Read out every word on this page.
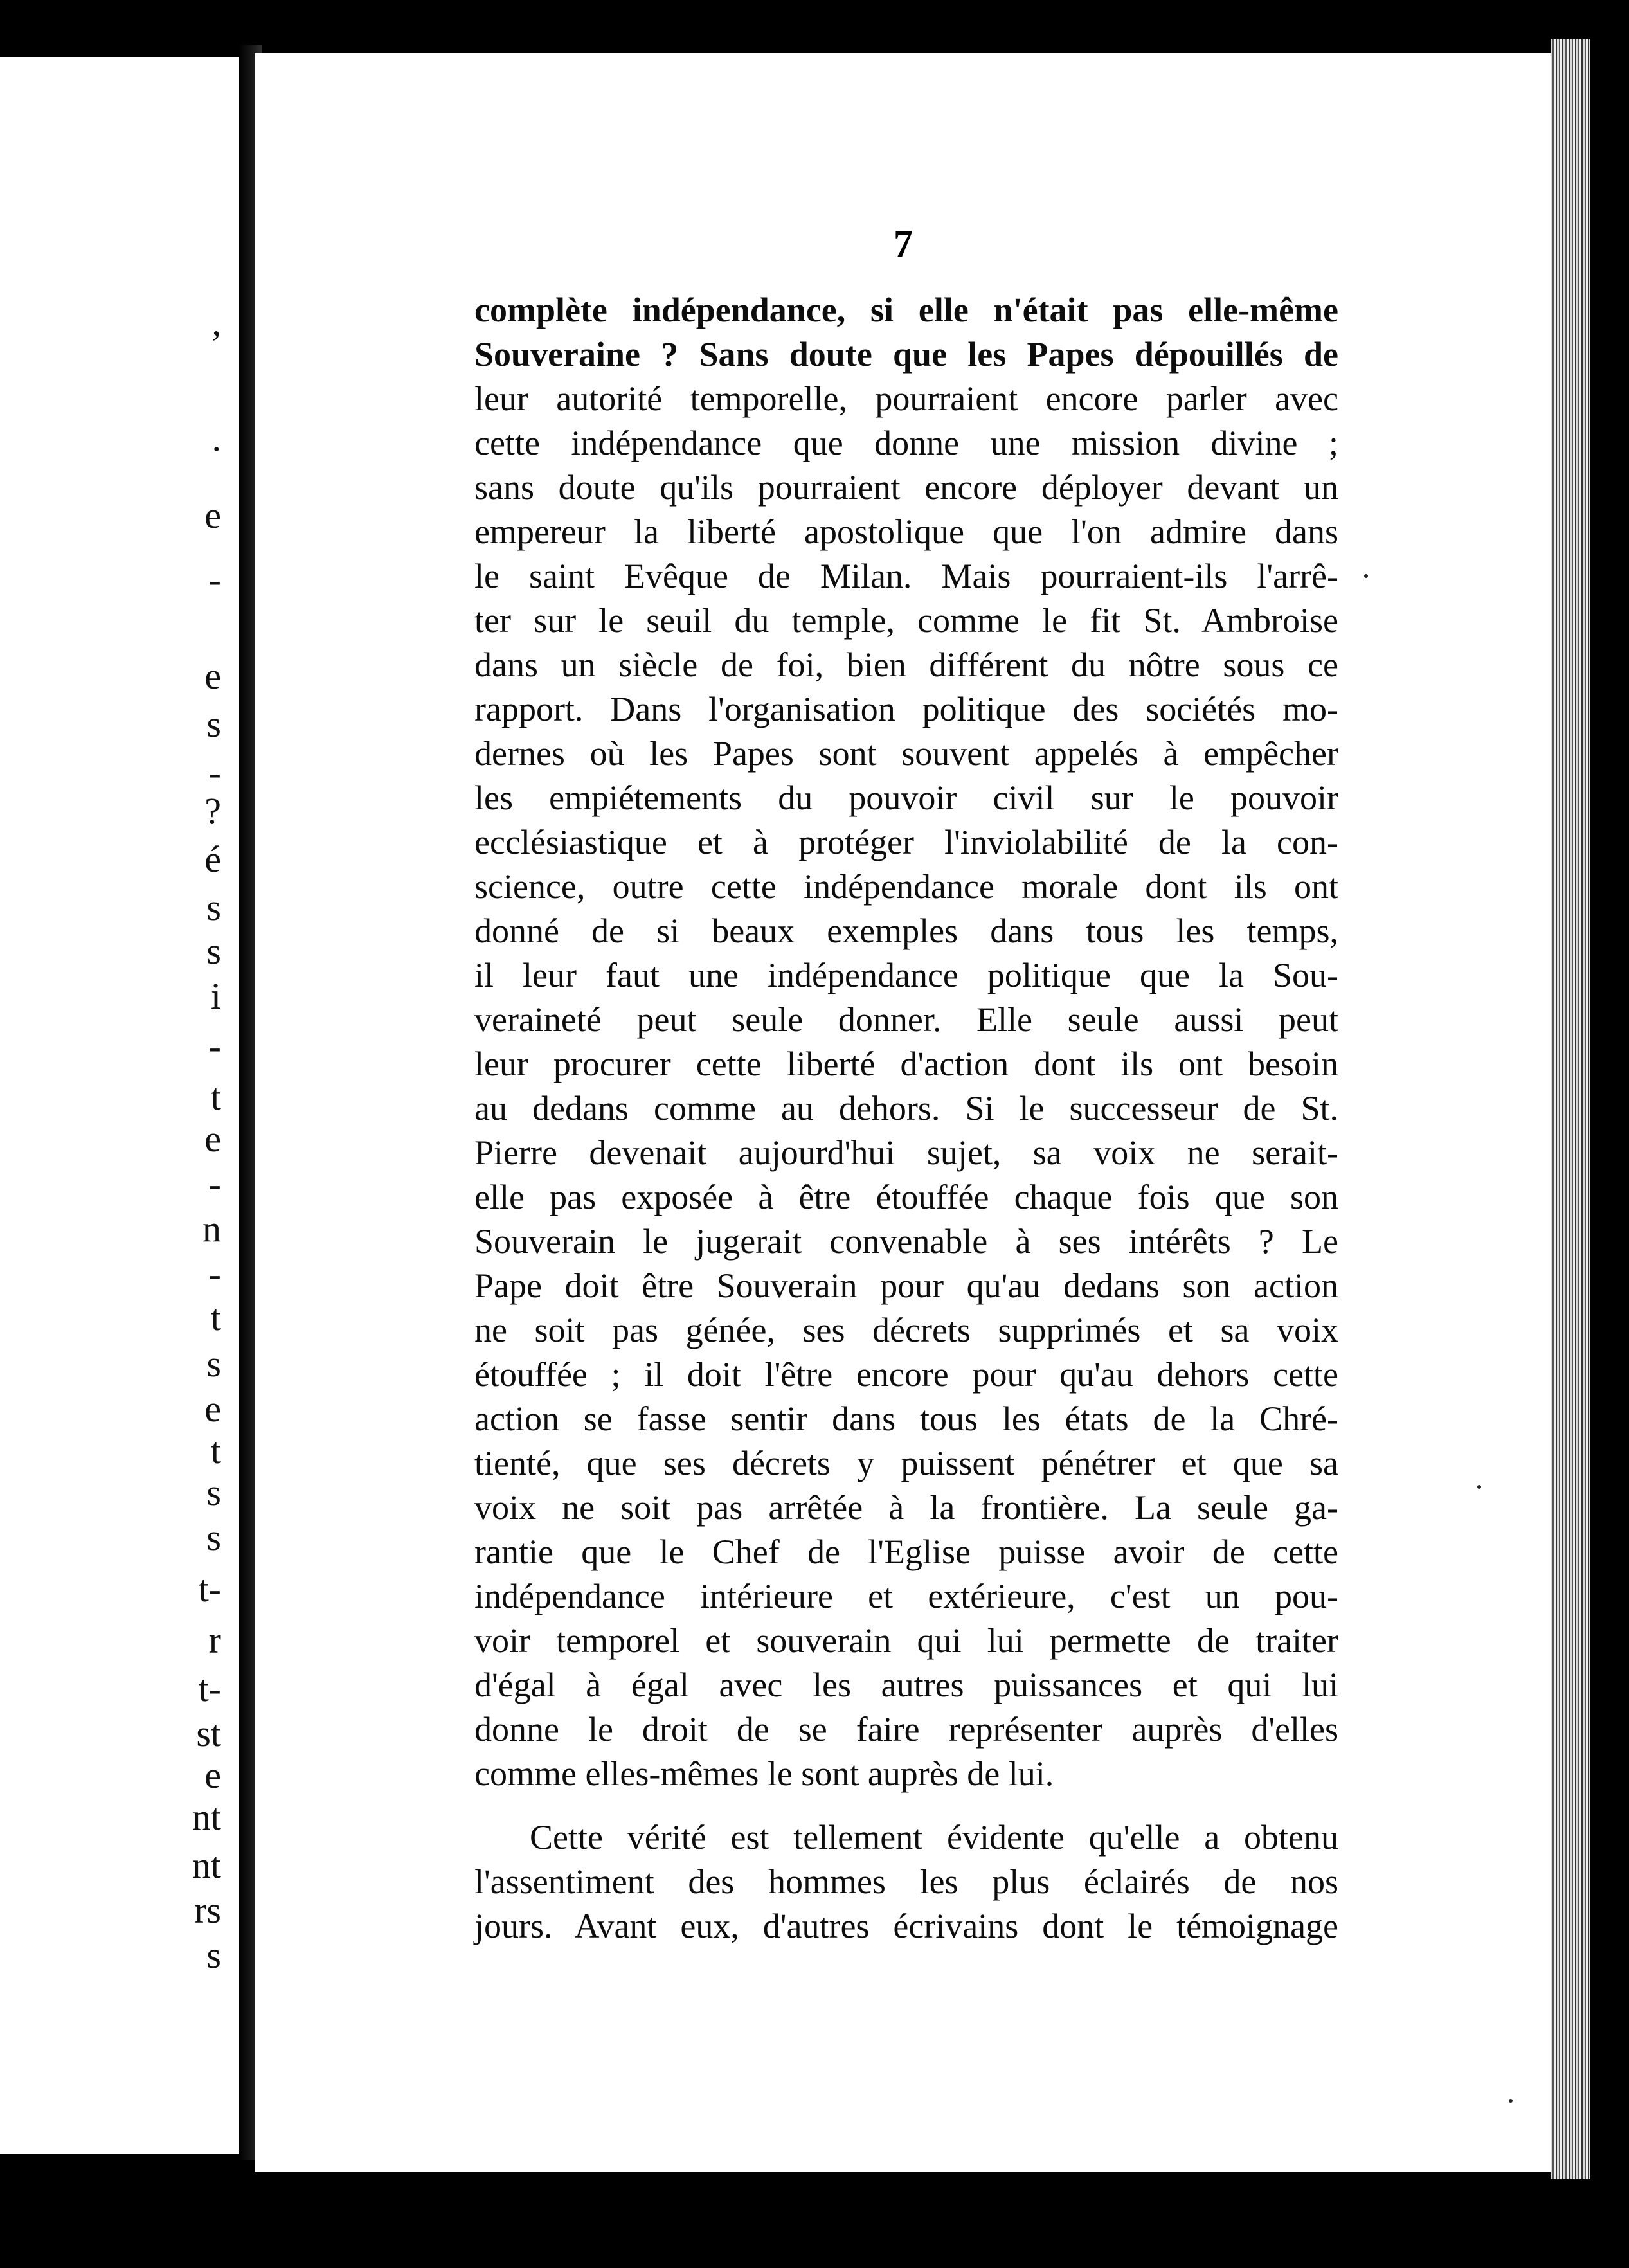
,
.
e
-
e
s
-
?
é
s
s
i
-
t
e
-
n
-
t
s
e
t
s
s
t-
r
t-
st
e
nt
nt
rs
s
7
complète indépendance, si elle n'était pas elle-même
Souveraine ? Sans doute que les Papes dépouillés de
leur autorité temporelle, pourraient encore parler avec
cette indépendance que donne une mission divine ;
sans doute qu'ils pourraient encore déployer devant un
empereur la liberté apostolique que l'on admire dans
le saint Evêque de Milan. Mais pourraient-ils l'arrê-
ter sur le seuil du temple, comme le fit St. Ambroise
dans un siècle de foi, bien différent du nôtre sous ce
rapport. Dans l'organisation politique des sociétés mo-
dernes où les Papes sont souvent appelés à empêcher
les empiétements du pouvoir civil sur le pouvoir
ecclésiastique et à protéger l'inviolabilité de la con-
science, outre cette indépendance morale dont ils ont
donné de si beaux exemples dans tous les temps,
il leur faut une indépendance politique que la Sou-
veraineté peut seule donner. Elle seule aussi peut
leur procurer cette liberté d'action dont ils ont besoin
au dedans comme au dehors. Si le successeur de St.
Pierre devenait aujourd'hui sujet, sa voix ne serait-
elle pas exposée à être étouffée chaque fois que son
Souverain le jugerait convenable à ses intérêts ? Le
Pape doit être Souverain pour qu'au dedans son action
ne soit pas génée, ses décrets supprimés et sa voix
étouffée ; il doit l'être encore pour qu'au dehors cette
action se fasse sentir dans tous les états de la Chré-
tienté, que ses décrets y puissent pénétrer et que sa
voix ne soit pas arrêtée à la frontière. La seule ga-
rantie que le Chef de l'Eglise puisse avoir de cette
indépendance intérieure et extérieure, c'est un pou-
voir temporel et souverain qui lui permette de traiter
d'égal à égal avec les autres puissances et qui lui
donne le droit de se faire représenter auprès d'elles
comme elles-mêmes le sont auprès de lui.
Cette vérité est tellement évidente qu'elle a obtenu
l'assentiment des hommes les plus éclairés de nos
jours. Avant eux, d'autres écrivains dont le témoignage
